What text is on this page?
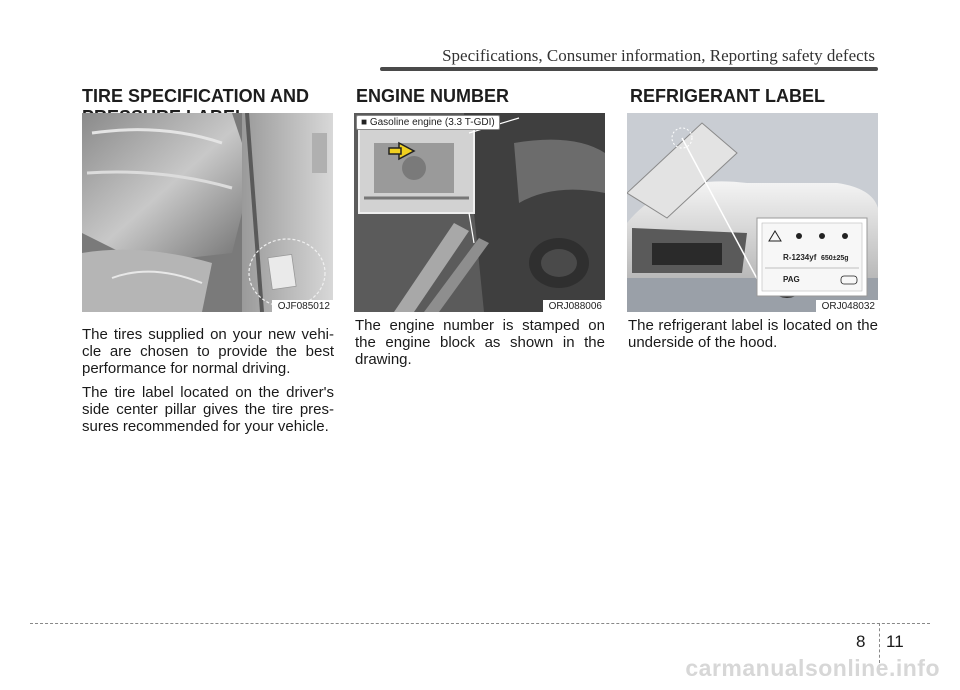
Specifications, Consumer information, Reporting safety defects
TIRE SPECIFICATION AND
OJF085012

The tires supplied on your new vehi-cle are chosen to provide the best performance for normal driving.

The tire label located on the driver's side center pillar gives the tire pres-sures recommended for your vehicle.

ENGINE NUMBER
■ Gasoline engine (3.3 T-GDI)
ORJ088006

The engine number is stamped on the engine block as shown in the drawing.

REFRIGERANT LABEL
R-1234yf 650±25g
PAG
ORJ048032

The refrigerant label is located on the underside of the hood.

8 11
carmanualsonline.info
